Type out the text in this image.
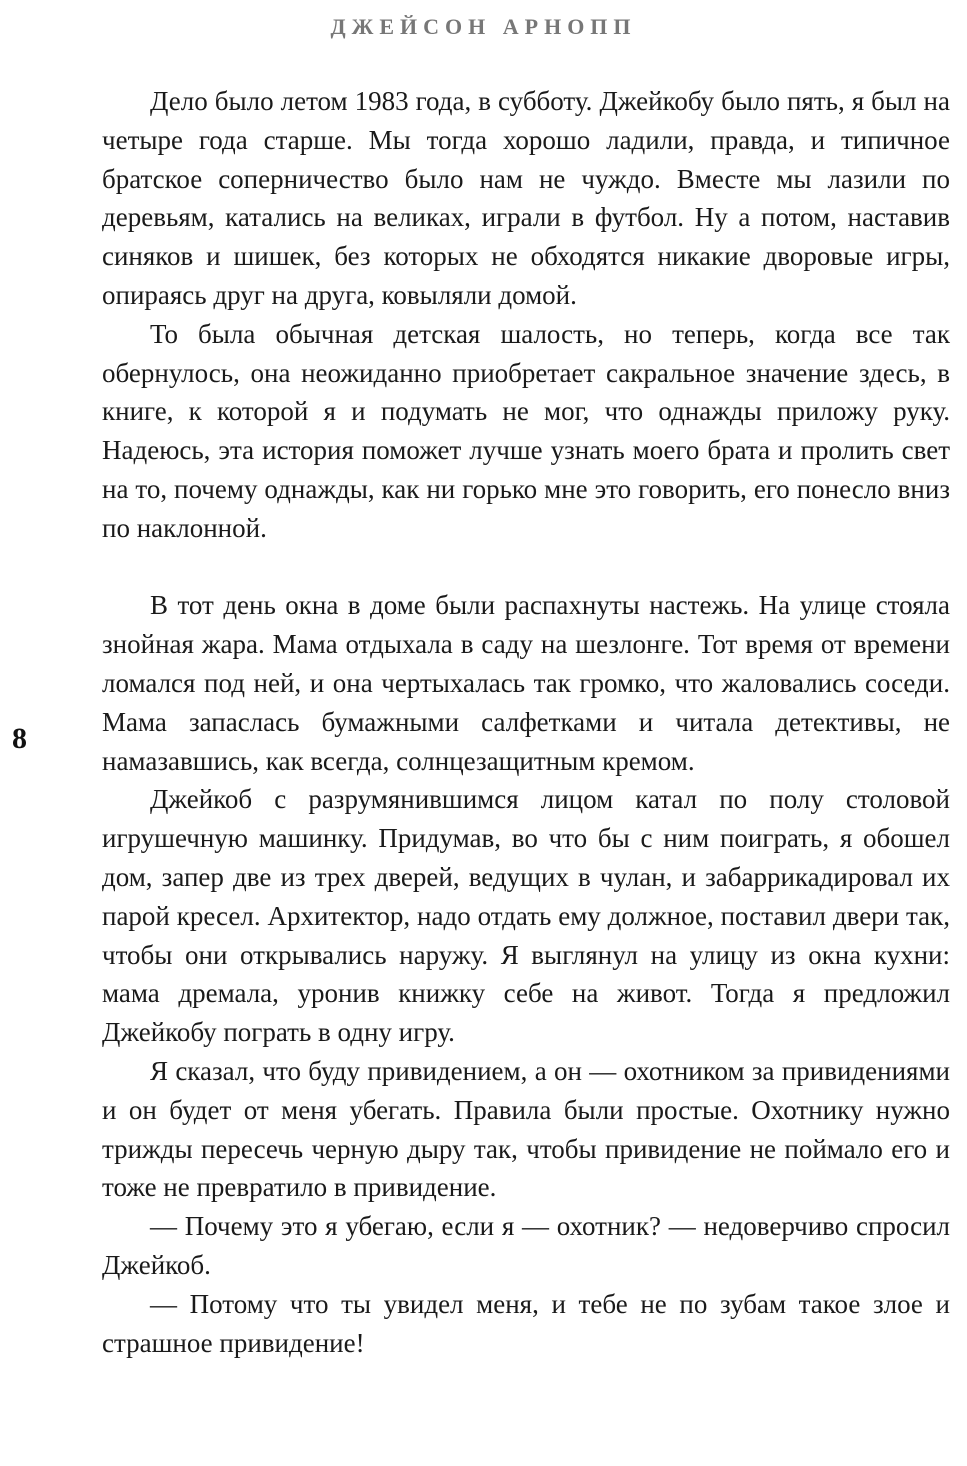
ДЖЕЙСОН АРНОПП
8

Дело было летом 1983 года, в субботу. Джейкобу было пять, я был на четыре года старше. Мы тогда хорошо ладили, правда, и типичное братское соперничество было нам не чуждо. Вместе мы лазили по деревьям, катались на великах, играли в футбол. Ну а потом, наставив синяков и шишек, без которых не обходятся никакие дворовые игры, опираясь друг на друга, ковыляли домой.

То была обычная детская шалость, но теперь, когда все так обернулось, она неожиданно приобретает сакральное значение здесь, в книге, к которой я и подумать не мог, что однажды приложу руку. Надеюсь, эта история поможет лучше узнать моего брата и пролить свет на то, почему однажды, как ни горько мне это говорить, его понесло вниз по наклонной.

В тот день окна в доме были распахнуты настежь. На улице стояла знойная жара. Мама отдыхала в саду на шезлонге. Тот время от времени ломался под ней, и она чертыхалась так громко, что жаловались соседи. Мама запаслась бумажными салфетками и читала детективы, не намазавшись, как всегда, солнцезащитным кремом.

Джейкоб с разрумянившимся лицом катал по полу столовой игрушечную машинку. Придумав, во что бы с ним поиграть, я обошел дом, запер две из трех дверей, ведущих в чулан, и забаррикадировал их парой кресел. Архитектор, надо отдать ему должное, поставил двери так, чтобы они открывались наружу. Я выглянул на улицу из окна кухни: мама дремала, уронив книжку себе на живот. Тогда я предложил Джейкобу пограть в одну игру.

Я сказал, что буду привидением, а он — охотником за привидениями и он будет от меня убегать. Правила были простые. Охотнику нужно трижды пересечь черную дыру так, чтобы привидение не поймало его и тоже не превратило в привидение.

— Почему это я убегаю, если я — охотник? — недоверчиво спросил Джейкоб.

— Потому что ты увидел меня, и тебе не по зубам такое злое и страшное привидение!
